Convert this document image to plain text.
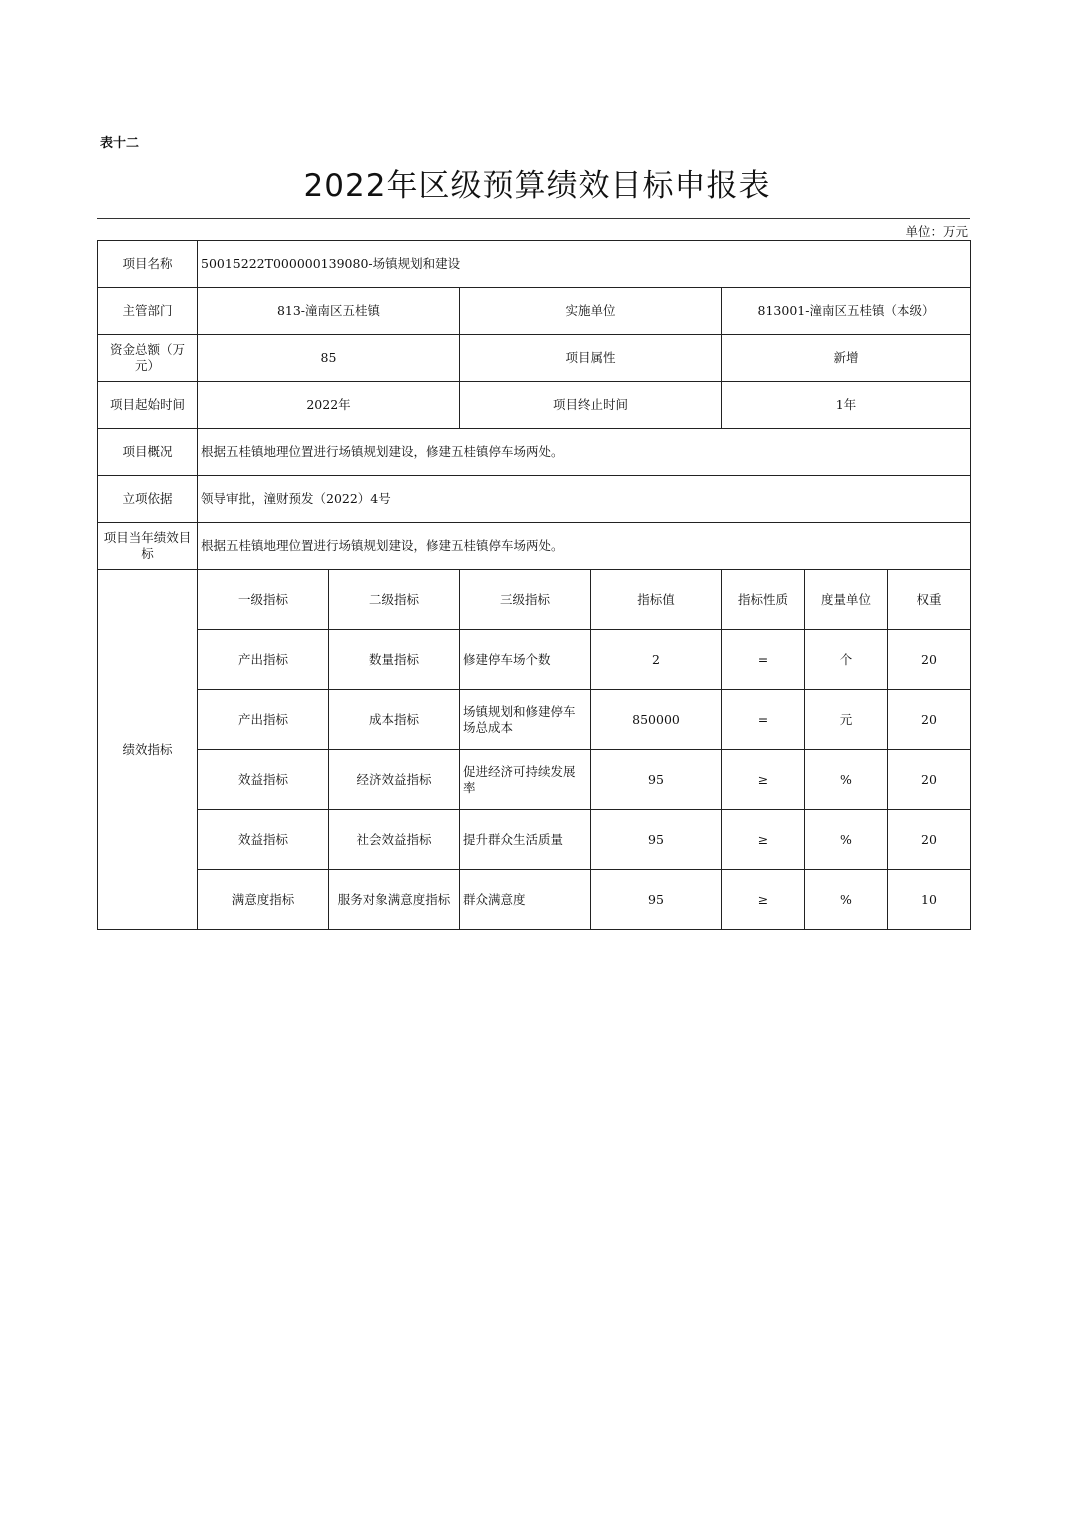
表十二
2022年区级预算绩效目标申报表
单位：万元
项目名称	50015222T000000139080-场镇规划和建设						
主管部门	813-潼南区五桂镇		实施单位		813001-潼南区五桂镇（本级）		
资金总额（万元）	85		项目属性		新增		
项目起始时间	2022年		项目终止时间		1年		
项目概况	根据五桂镇地理位置进行场镇规划建设，修建五桂镇停车场两处。						
立项依据	领导审批，潼财预发（2022）4号						
项目当年绩效目标	根据五桂镇地理位置进行场镇规划建设，修建五桂镇停车场两处。						
绩效指标	一级指标	二级指标	三级指标	指标值	指标性质	度量单位	权重
	产出指标	数量指标	修建停车场个数	2	=	个	20
	产出指标	成本指标	场镇规划和修建停车场总成本	850000	=	元	20
	效益指标	经济效益指标	促进经济可持续发展率	95	≥	%	20
	效益指标	社会效益指标	提升群众生活质量	95	≥	%	20
	满意度指标	服务对象满意度指标	群众满意度	95	≥	%	10
